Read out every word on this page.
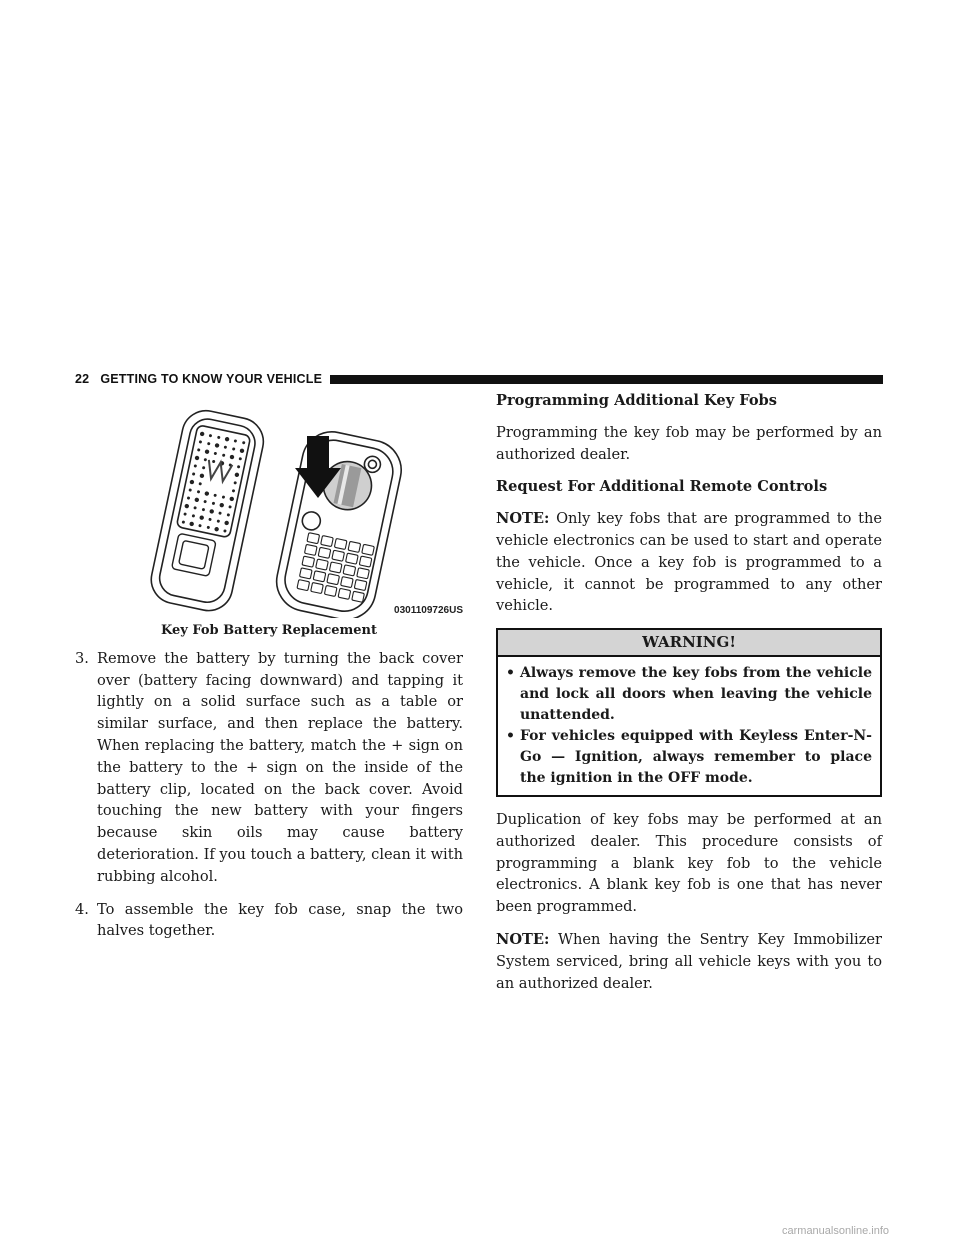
22 GETTING TO KNOW YOUR VEHICLE
0301109726US
Key Fob Battery Replacement
3. Remove the battery by turning the back cover over (battery facing downward) and tapping it lightly on a solid surface such as a table or similar surface, and then replace the battery. When replacing the battery, match the + sign on the battery to the + sign on the inside of the battery clip, located on the back cover. Avoid touching the new battery with your fingers because skin oils may cause battery deterioration. If you touch a battery, clean it with rubbing alcohol.
4. To assemble the key fob case, snap the two halves together.
Programming Additional Key Fobs
Programming the key fob may be performed by an authorized dealer.
Request For Additional Remote Controls
NOTE: Only key fobs that are programmed to the vehicle electronics can be used to start and operate the vehicle. Once a key fob is programmed to a vehicle, it cannot be programmed to any other vehicle.
WARNING!
• Always remove the key fobs from the vehicle and lock all doors when leaving the vehicle unattended.
• For vehicles equipped with Keyless Enter-N-Go — Ignition, always remember to place the ignition in the OFF mode.
Duplication of key fobs may be performed at an authorized dealer. This procedure consists of programming a blank key fob to the vehicle electronics. A blank key fob is one that has never been programmed.
NOTE: When having the Sentry Key Immobilizer System serviced, bring all vehicle keys with you to an authorized dealer.
carmanualsonline.info
